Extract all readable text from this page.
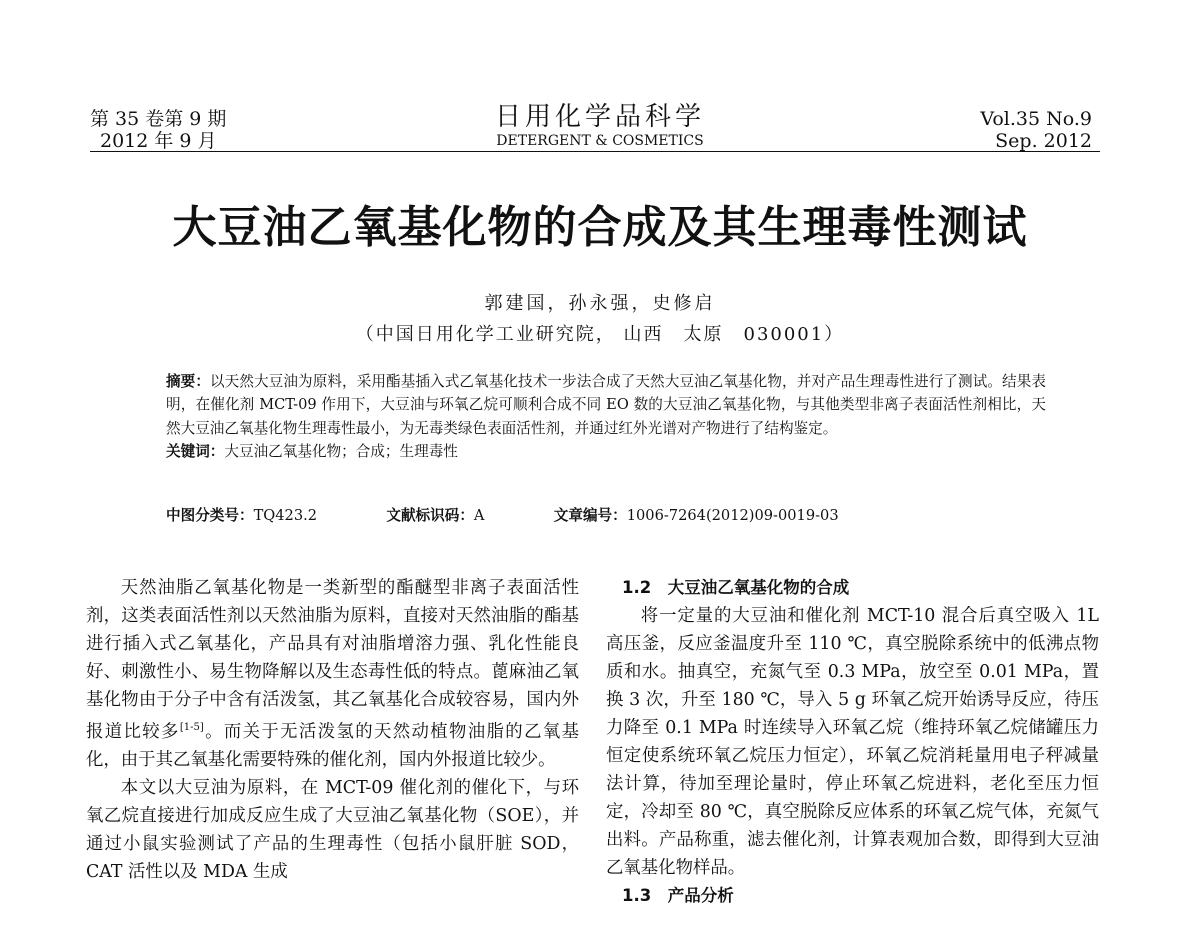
第 35 卷第 9 期
2012 年 9 月
日用化学品科学
DETERGENT & COSMETICS
Vol.35 No.9
Sep. 2012
大豆油乙氧基化物的合成及其生理毒性测试
郭建国，孙永强，史修启
（中国日用化学工业研究院， 山西　太原　030001）
摘要：以天然大豆油为原料，采用酯基插入式乙氧基化技术一步法合成了天然大豆油乙氧基化物，并对产品生理毒性进行了测试。结果表明，在催化剂 MCT-09 作用下，大豆油与环氧乙烷可顺利合成不同 EO 数的大豆油乙氧基化物，与其他类型非离子表面活性剂相比，天然大豆油乙氧基化物生理毒性最小，为无毒类绿色表面活性剂，并通过红外光谱对产物进行了结构鉴定。
关键词：大豆油乙氧基化物；合成；生理毒性
中图分类号：TQ423.2	文献标识码：A	文章编号：1006-7264(2012)09-0019-03

天然油脂乙氧基化物是一类新型的酯醚型非离子表面活性剂，这类表面活性剂以天然油脂为原料，直接对天然油脂的酯基进行插入式乙氧基化，产品具有对油脂增溶力强、乳化性能良好、刺激性小、易生物降解以及生态毒性低的特点。蓖麻油乙氧基化物由于分子中含有活泼氢，其乙氧基化合成较容易，国内外报道比较多[1-5]。而关于无活泼氢的天然动植物油脂的乙氧基化，由于其乙氧基化需要特殊的催化剂，国内外报道比较少。

本文以大豆油为原料，在 MCT-09 催化剂的催化下，与环氧乙烷直接进行加成反应生成了大豆油乙氧基化物（SOE），并通过小鼠实验测试了产品的生理毒性（包括小鼠肝脏 SOD，CAT 活性以及 MDA 生成

1.2　大豆油乙氧基化物的合成

将一定量的大豆油和催化剂 MCT-10 混合后真空吸入 1L 高压釜，反应釜温度升至 110 ℃，真空脱除系统中的低沸点物质和水。抽真空，充氮气至 0.3 MPa，放空至 0.01 MPa，置换 3 次，升至 180 ℃，导入 5 g 环氧乙烷开始诱导反应，待压力降至 0.1 MPa 时连续导入环氧乙烷（维持环氧乙烷储罐压力恒定使系统环氧乙烷压力恒定），环氧乙烷消耗量用电子秤减量法计算，待加至理论量时，停止环氧乙烷进料，老化至压力恒定，冷却至 80 ℃，真空脱除反应体系的环氧乙烷气体，充氮气出料。产品称重，滤去催化剂，计算表观加合数，即得到大豆油乙氧基化物样品。

1.3　产品分析
